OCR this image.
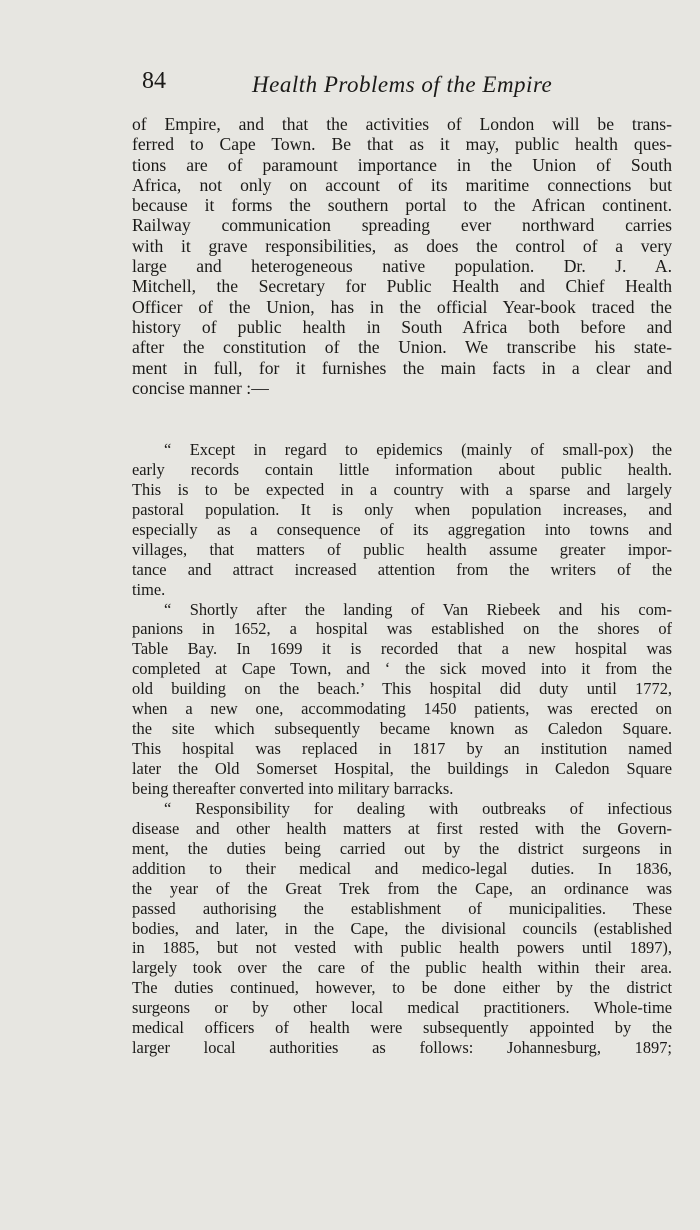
84	Health Problems of the Empire
of Empire, and that the activities of London will be trans-
ferred to Cape Town. Be that as it may, public health ques-
tions are of paramount importance in the Union of South
Africa, not only on account of its maritime connections but
because it forms the southern portal to the African continent.
Railway communication spreading ever northward carries
with it grave responsibilities, as does the control of a very
large and heterogeneous native population. Dr. J. A.
Mitchell, the Secretary for Public Health and Chief Health
Officer of the Union, has in the official Year-book traced the
history of public health in South Africa both before and
after the constitution of the Union. We transcribe his state-
ment in full, for it furnishes the main facts in a clear and
concise manner :—
“ Except in regard to epidemics (mainly of small-pox) the
early records contain little information about public health.
This is to be expected in a country with a sparse and largely
pastoral population. It is only when population increases, and
especially as a consequence of its aggregation into towns and
villages, that matters of public health assume greater impor-
tance and attract increased attention from the writers of the
time.
“ Shortly after the landing of Van Riebeek and his com-
panions in 1652, a hospital was established on the shores of
Table Bay. In 1699 it is recorded that a new hospital was
completed at Cape Town, and ‘ the sick moved into it from the
old building on the beach.’ This hospital did duty until 1772,
when a new one, accommodating 1450 patients, was erected on
the site which subsequently became known as Caledon Square.
This hospital was replaced in 1817 by an institution named
later the Old Somerset Hospital, the buildings in Caledon Square
being thereafter converted into military barracks.
“ Responsibility for dealing with outbreaks of infectious
disease and other health matters at first rested with the Govern-
ment, the duties being carried out by the district surgeons in
addition to their medical and medico-legal duties. In 1836,
the year of the Great Trek from the Cape, an ordinance was
passed authorising the establishment of municipalities. These
bodies, and later, in the Cape, the divisional councils (established
in 1885, but not vested with public health powers until 1897),
largely took over the care of the public health within their area.
The duties continued, however, to be done either by the district
surgeons or by other local medical practitioners. Whole-time
medical officers of health were subsequently appointed by the
larger local authorities as follows: Johannesburg, 1897;
